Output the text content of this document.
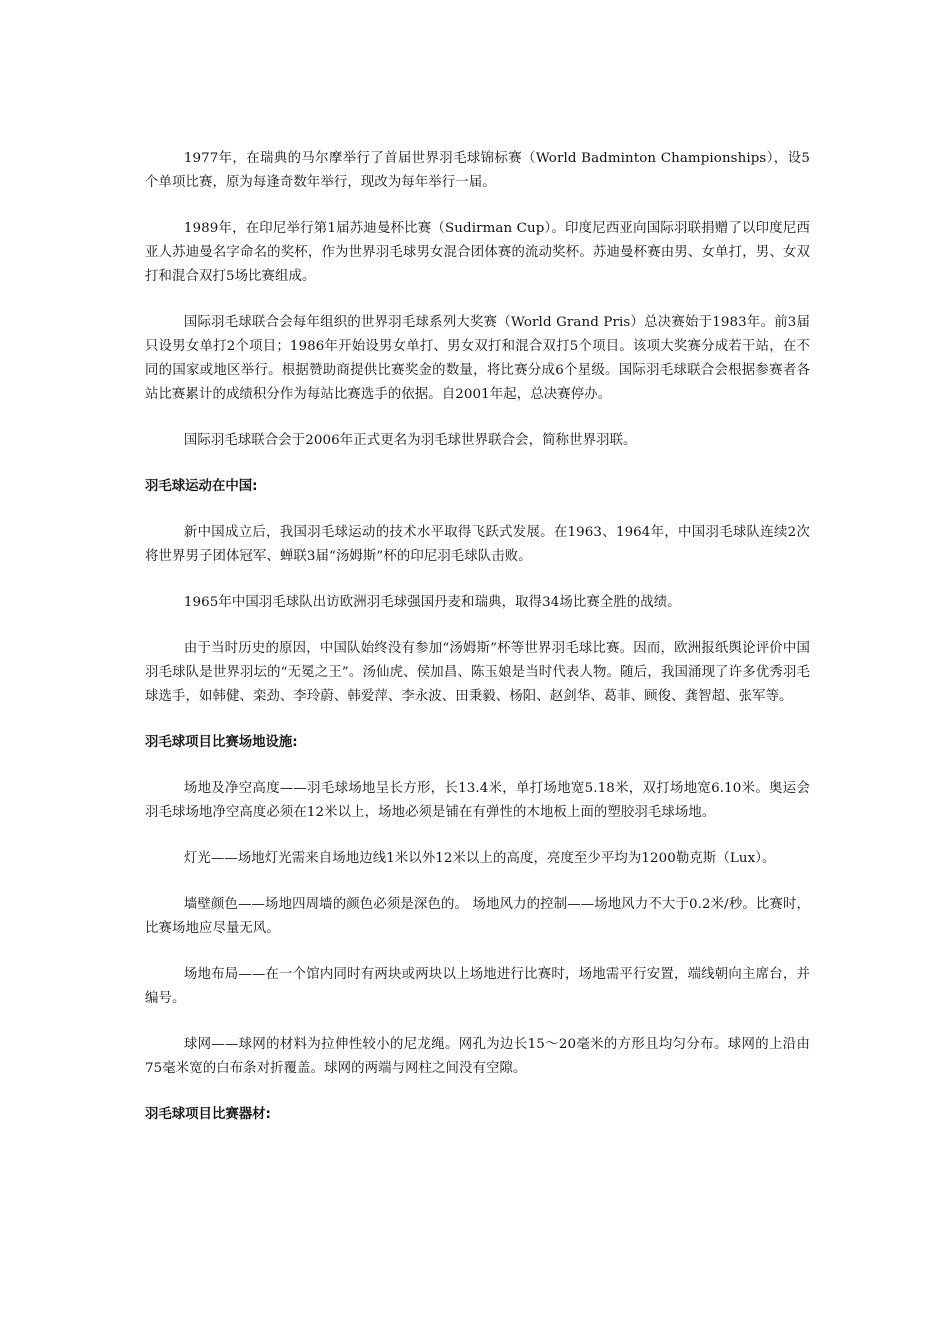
1977年，在瑞典的马尔摩举行了首届世界羽毛球锦标赛（World Badminton Championships），设5个单项比赛，原为每逢奇数年举行，现改为每年举行一届。

1989年，在印尼举行第1届苏迪曼杯比赛（Sudirman Cup）。印度尼西亚向国际羽联捐赠了以印度尼西亚人苏迪曼名字命名的奖杯，作为世界羽毛球男女混合团体赛的流动奖杯。苏迪曼杯赛由男、女单打，男、女双打和混合双打5场比赛组成。

国际羽毛球联合会每年组织的世界羽毛球系列大奖赛（World Grand Pris）总决赛始于1983年。前3届只设男女单打2个项目；1986年开始设男女单打、男女双打和混合双打5个项目。该项大奖赛分成若干站，在不同的国家或地区举行。根据赞助商提供比赛奖金的数量，将比赛分成6个星级。国际羽毛球联合会根据参赛者各站比赛累计的成绩积分作为每站比赛选手的依据。自2001年起，总决赛停办。

国际羽毛球联合会于2006年正式更名为羽毛球世界联合会，简称世界羽联。

羽毛球运动在中国:

新中国成立后，我国羽毛球运动的技术水平取得飞跃式发展。在1963、1964年，中国羽毛球队连续2次将世界男子团体冠军、蝉联3届“汤姆斯”杯的印尼羽毛球队击败。

1965年中国羽毛球队出访欧洲羽毛球强国丹麦和瑞典，取得34场比赛全胜的战绩。

由于当时历史的原因，中国队始终没有参加“汤姆斯”杯等世界羽毛球比赛。因而，欧洲报纸舆论评价中国羽毛球队是世界羽坛的“无冕之王”。汤仙虎、侯加昌、陈玉娘是当时代表人物。随后，我国涌现了许多优秀羽毛球选手，如韩健、栾劲、李玲蔚、韩爱萍、李永波、田秉毅、杨阳、赵剑华、葛菲、顾俊、龚智超、张军等。

羽毛球项目比赛场地设施:

场地及净空高度——羽毛球场地呈长方形，长13.4米，单打场地宽5.18米，双打场地宽6.10米。奥运会羽毛球场地净空高度必须在12米以上，场地必须是铺在有弹性的木地板上面的塑胶羽毛球场地。

灯光——场地灯光需来自场地边线1米以外12米以上的高度，亮度至少平均为1200勒克斯（Lux）。

墙壁颜色——场地四周墙的颜色必须是深色的。 场地风力的控制——场地风力不大于0.2米/秒。比赛时，比赛场地应尽量无风。

场地布局——在一个馆内同时有两块或两块以上场地进行比赛时，场地需平行安置，端线朝向主席台，并编号。

球网——球网的材料为拉伸性较小的尼龙绳。网孔为边长15～20毫米的方形且均匀分布。球网的上沿由75毫米宽的白布条对折覆盖。球网的两端与网柱之间没有空隙。

羽毛球项目比赛器材:
